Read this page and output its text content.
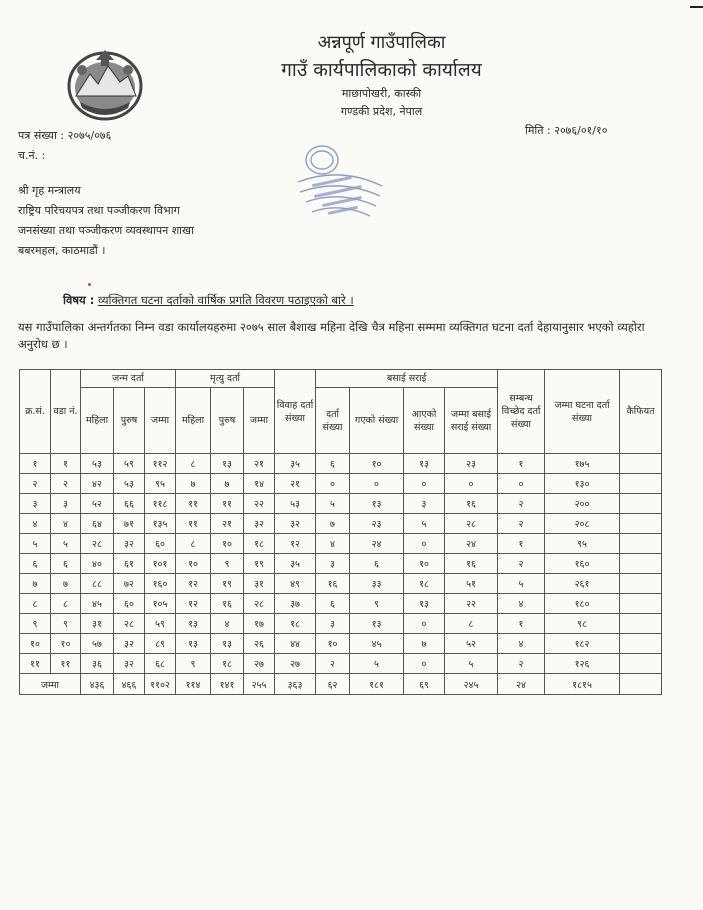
अन्नपूर्ण गाउँपालिका
गाउँ कार्यपालिकाको कार्यालय
माछापोखरी, कास्की
गण्डकी प्रदेश, नेपाल
पत्र संख्या : २०७५/०७६
च.नं. :
मिति : २०७६/०१/१०
श्री गृह मन्त्रालय
राष्ट्रिय परिचयपत्र तथा पञ्जीकरण विभाग
जनसंख्या तथा पञ्जीकरण व्यवस्थापन शाखा
बबरमहल, काठमाडौं ।
विषय : व्यक्तिगत घटना दर्ताको वार्षिक प्रगति विवरण पठाइएको बारे ।
यस गाउँपालिका अन्तर्गतका निम्न वडा कार्यालयहरुमा २०७५ साल बैशाख महिना देखि चैत्र महिना सम्ममा व्यक्तिगत घटना दर्ता देहायानुसार भएको व्यहोरा अनुरोध छ ।
क्र.सं.	वडा नं.	जन्म दर्ता			मृत्यु दर्ता			विवाह दर्ता संख्या	बसाई सराई				सम्बन्ध विच्छेद दर्ता संख्या	जम्मा घटना दर्ता संख्या	कैफियत
		महिला	पुरुष	जम्मा	महिला	पुरुष	जम्मा		दर्ता संख्या	गएको संख्या	आएको संख्या	जम्मा बसाई सराई संख्या			
१	१	५३	५९	११२	८	१३	२१	३५	६	१०	१३	२३	१	१७५	
२	२	४२	५३	९५	७	७	१४	२१	०	०	०	०	०	१३०	
३	३	५२	६६	११८	११	११	२२	५३	५	१३	३	१६	२	२००	
४	४	६४	७१	१३५	११	२१	३२	३२	७	२३	५	२८	२	२०८	
५	५	२८	३२	६०	८	१०	१८	१२	४	२४	०	२४	१	९५	
६	६	४०	६१	१०१	१०	९	१९	३५	३	६	१०	१६	२	१६०	
७	७	८८	७२	१६०	१२	१९	३१	४९	१६	३३	१८	५१	५	२६१	
८	८	४५	६०	१०५	१२	१६	२८	३७	६	९	१३	२२	४	१८०	
९	९	३१	२८	५९	१३	४	१७	१८	३	१३	०	८	१	९८	
१०	१०	५७	३२	८९	१३	१३	२६	४४	१०	४५	७	५२	४	१८२	
११	११	३६	३२	६८	९	१८	२७	२७	२	५	०	५	२	१२६	
जम्मा		४३६	४६६	११०२	११४	१४१	२५५	३६३	६२	१८१	६९	२४५	२४	१८१५	
